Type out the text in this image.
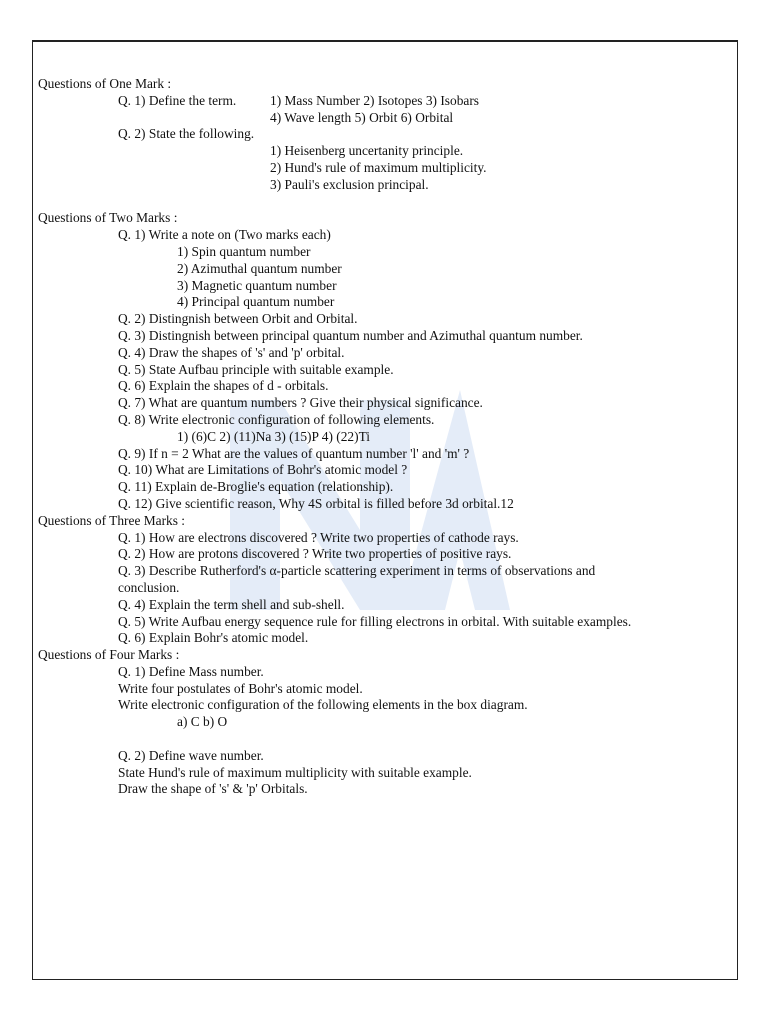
Questions of One Mark :
Q. 1) Define the term.	1) Mass Number 2) Isotopes 3) Isobars
4) Wave length 5) Orbit 6) Orbital
Q. 2) State the following.
1) Heisenberg uncertanity principle.
2) Hund's rule of maximum multiplicity.
3) Pauli's exclusion principal.
Questions of Two Marks :
Q. 1) Write a note on (Two marks each)
1) Spin quantum number
2) Azimuthal quantum number
3) Magnetic quantum number
4) Principal quantum number
Q. 2) Distingnish between Orbit and Orbital.
Q. 3) Distingnish between principal quantum number and Azimuthal quantum number.
Q. 4) Draw the shapes of 's' and 'p' orbital.
Q. 5) State Aufbau principle with suitable example.
Q. 6) Explain the shapes of d - orbitals.
Q. 7) What are quantum numbers ? Give their physical significance.
Q. 8) Write electronic configuration of following elements.
1) (6)C 2) (11)Na 3) (15)P 4) (22)Ti
Q. 9) If n = 2 What are the values of quantum number 'l' and 'm' ?
Q. 10) What are Limitations of Bohr's atomic model ?
Q. 11) Explain de-Broglie's equation (relationship).
Q. 12) Give scientific reason, Why 4S orbital is filled before 3d orbital.12
Questions of Three Marks :
Q. 1) How are electrons discovered ? Write two properties of cathode rays.
Q. 2) How are protons discovered ? Write two properties of positive rays.
Q. 3) Describe Rutherford's α-particle scattering experiment in terms of observations and conclusion.
Q. 4) Explain the term shell and sub-shell.
Q. 5) Write Aufbau energy sequence rule for filling electrons in orbital. With suitable examples.
Q. 6) Explain Bohr's atomic model.
Questions of Four Marks :
Q. 1) Define Mass number.
Write four postulates of Bohr's atomic model.
Write electronic configuration of the following elements in the box diagram.
a) C b) O
Q. 2) Define wave number.
State Hund's rule of maximum multiplicity with suitable example.
Draw the shape of 's' & 'p' Orbitals.
